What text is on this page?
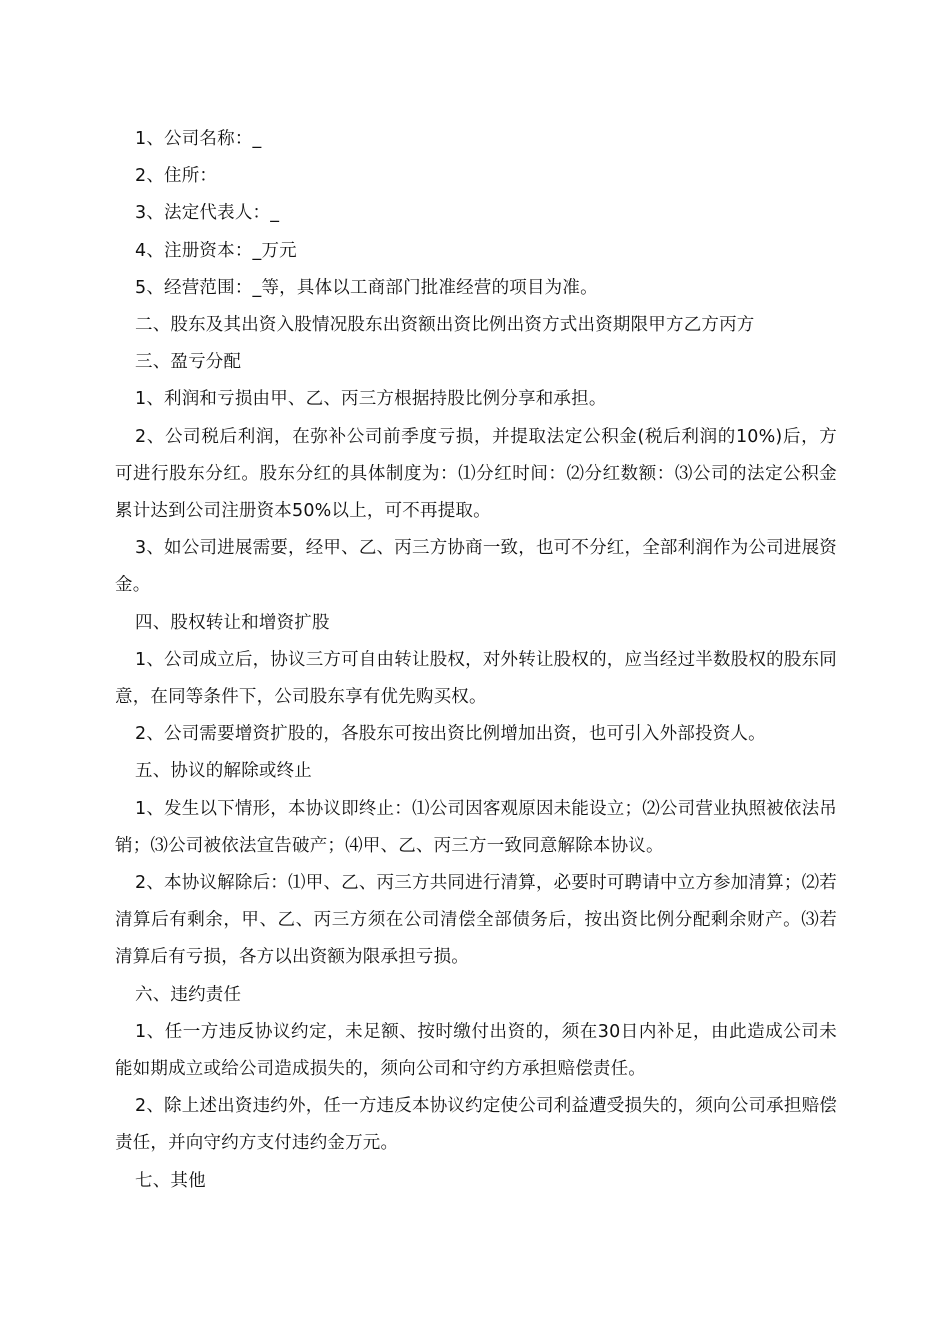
1、公司名称：_

2、住所：

3、法定代表人：_

4、注册资本：_万元

5、经营范围：_等，具体以工商部门批准经营的项目为准。

二、股东及其出资入股情况股东出资额出资比例出资方式出资期限甲方乙方丙方

三、盈亏分配

1、利润和亏损由甲、乙、丙三方根据持股比例分享和承担。

2、公司税后利润，在弥补公司前季度亏损，并提取法定公积金(税后利润的10%)后，方可进行股东分红。股东分红的具体制度为：⑴分红时间：⑵分红数额：⑶公司的法定公积金累计达到公司注册资本50%以上，可不再提取。

3、如公司进展需要，经甲、乙、丙三方协商一致，也可不分红，全部利润作为公司进展资金。

四、股权转让和增资扩股

1、公司成立后，协议三方可自由转让股权，对外转让股权的，应当经过半数股权的股东同意，在同等条件下，公司股东享有优先购买权。

2、公司需要增资扩股的，各股东可按出资比例增加出资，也可引入外部投资人。

五、协议的解除或终止

1、发生以下情形，本协议即终止：⑴公司因客观原因未能设立；⑵公司营业执照被依法吊销；⑶公司被依法宣告破产；⑷甲、乙、丙三方一致同意解除本协议。

2、本协议解除后：⑴甲、乙、丙三方共同进行清算，必要时可聘请中立方参加清算；⑵若清算后有剩余，甲、乙、丙三方须在公司清偿全部债务后，按出资比例分配剩余财产。⑶若清算后有亏损，各方以出资额为限承担亏损。

六、违约责任

1、任一方违反协议约定，未足额、按时缴付出资的，须在30日内补足，由此造成公司未能如期成立或给公司造成损失的，须向公司和守约方承担赔偿责任。

2、除上述出资违约外，任一方违反本协议约定使公司利益遭受损失的，须向公司承担赔偿责任，并向守约方支付违约金万元。

七、其他
